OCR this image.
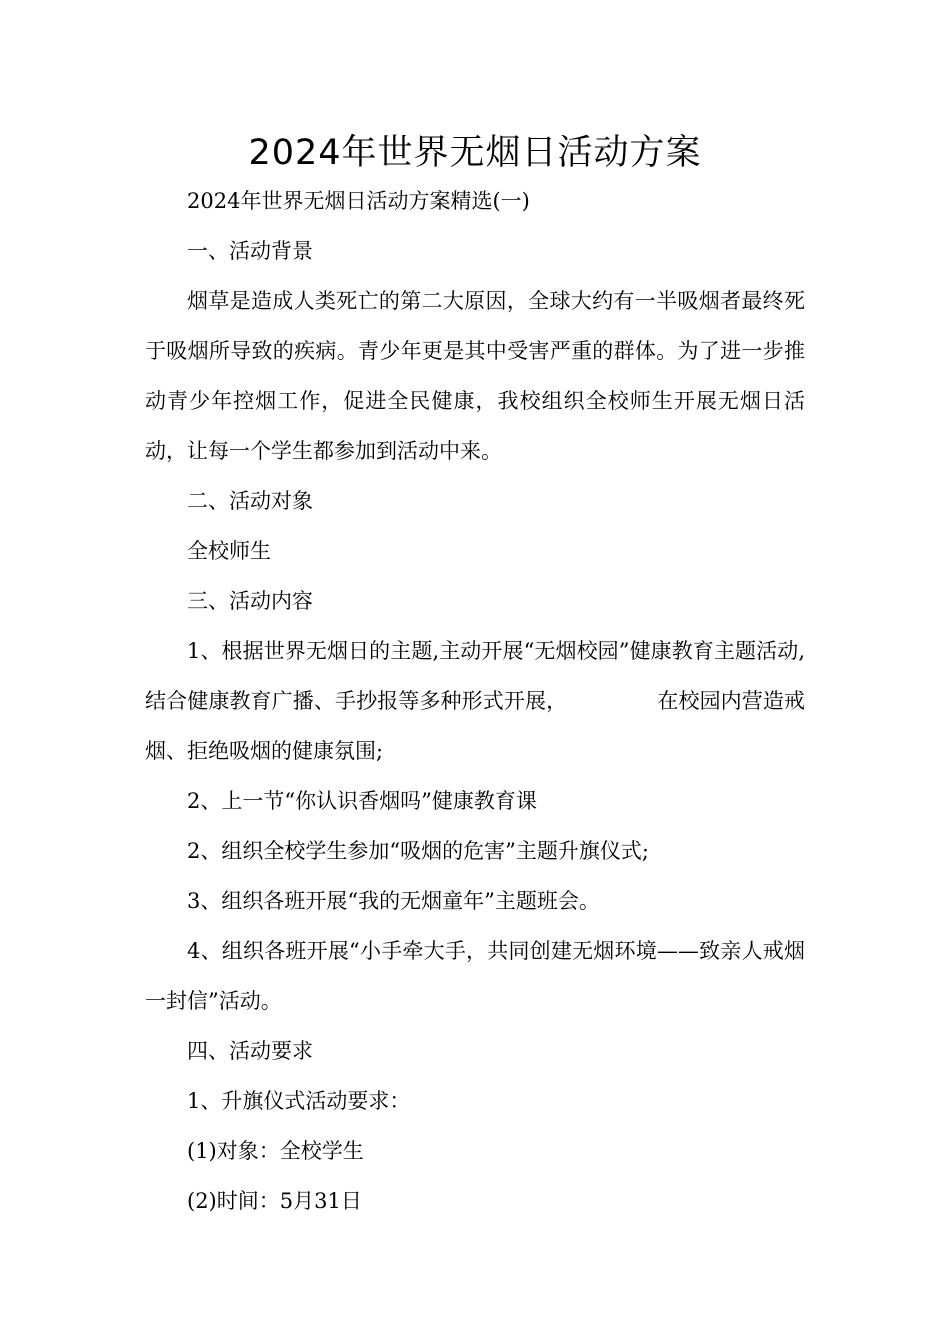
2024年世界无烟日活动方案

2024年世界无烟日活动方案精选(一)

一、活动背景

烟草是造成人类死亡的第二大原因，全球大约有一半吸烟者最终死于吸烟所导致的疾病。青少年更是其中受害严重的群体。为了进一步推动青少年控烟工作，促进全民健康，我校组织全校师生开展无烟日活动，让每一个学生都参加到活动中来。

二、活动对象

全校师生

三、活动内容

1、根据世界无烟日的主题,主动开展“无烟校园”健康教育主题活动,结合健康教育广播、手抄报等多种形式开展，	在校园内营造戒烟、拒绝吸烟的健康氛围;

2、上一节“你认识香烟吗”健康教育课

2、组织全校学生参加“吸烟的危害”主题升旗仪式;

3、组织各班开展“我的无烟童年”主题班会。

4、组织各班开展“小手牵大手，共同创建无烟环境——致亲人戒烟一封信”活动。

四、活动要求

1、升旗仪式活动要求：

(1)对象：全校学生

(2)时间：5月31日
